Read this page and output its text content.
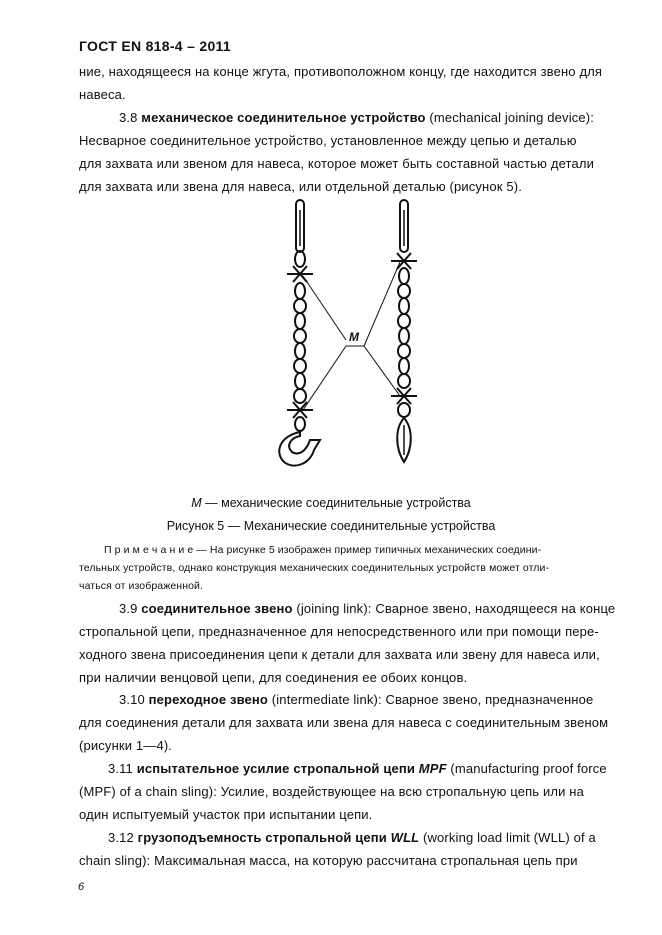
ГОСТ EN 818-4 – 2011
ние, находящееся на конце жгута, противоположном концу, где находится звено для
навеса.
3.8 механическое соединительное устройство (mechanical joining device):
Несварное соединительное устройство, установленное между цепью и деталью
для захвата или звеном для навеса, которое может быть составной частью детали
для захвата или звена для навеса, или отдельной деталью (рисунок 5).
M
M — механические соединительные устройства
Рисунок 5 — Механические соединительные устройства
П р и м е ч а н и е — На рисунке 5 изображен пример типичных механических соедини-
тельных устройств, однако конструкция механических соединительных устройств может отли-
чаться от изображенной.
3.9 соединительное звено (joining link): Сварное звено, находящееся на конце
стропальной цепи, предназначенное для непосредственного или при помощи пере-
ходного звена присоединения цепи к детали для захвата или звену для навеса или,
при наличии венцовой цепи, для соединения ее обоих концов.
3.10 переходное звено (intermediate link): Сварное звено, предназначенное
для соединения детали для захвата или звена для навеса с соединительным звеном
(рисунки 1—4).
3.11 испытательное усилие стропальной цепи MPF (manufacturing proof force
(MPF) of a chain sling): Усилие, воздействующее на всю стропальную цепь или на
один испытуемый участок при испытании цепи.
3.12 грузоподъемность стропальной цепи WLL (working load limit (WLL) of a
chain sling): Максимальная масса, на которую рассчитана стропальная цепь при
6
